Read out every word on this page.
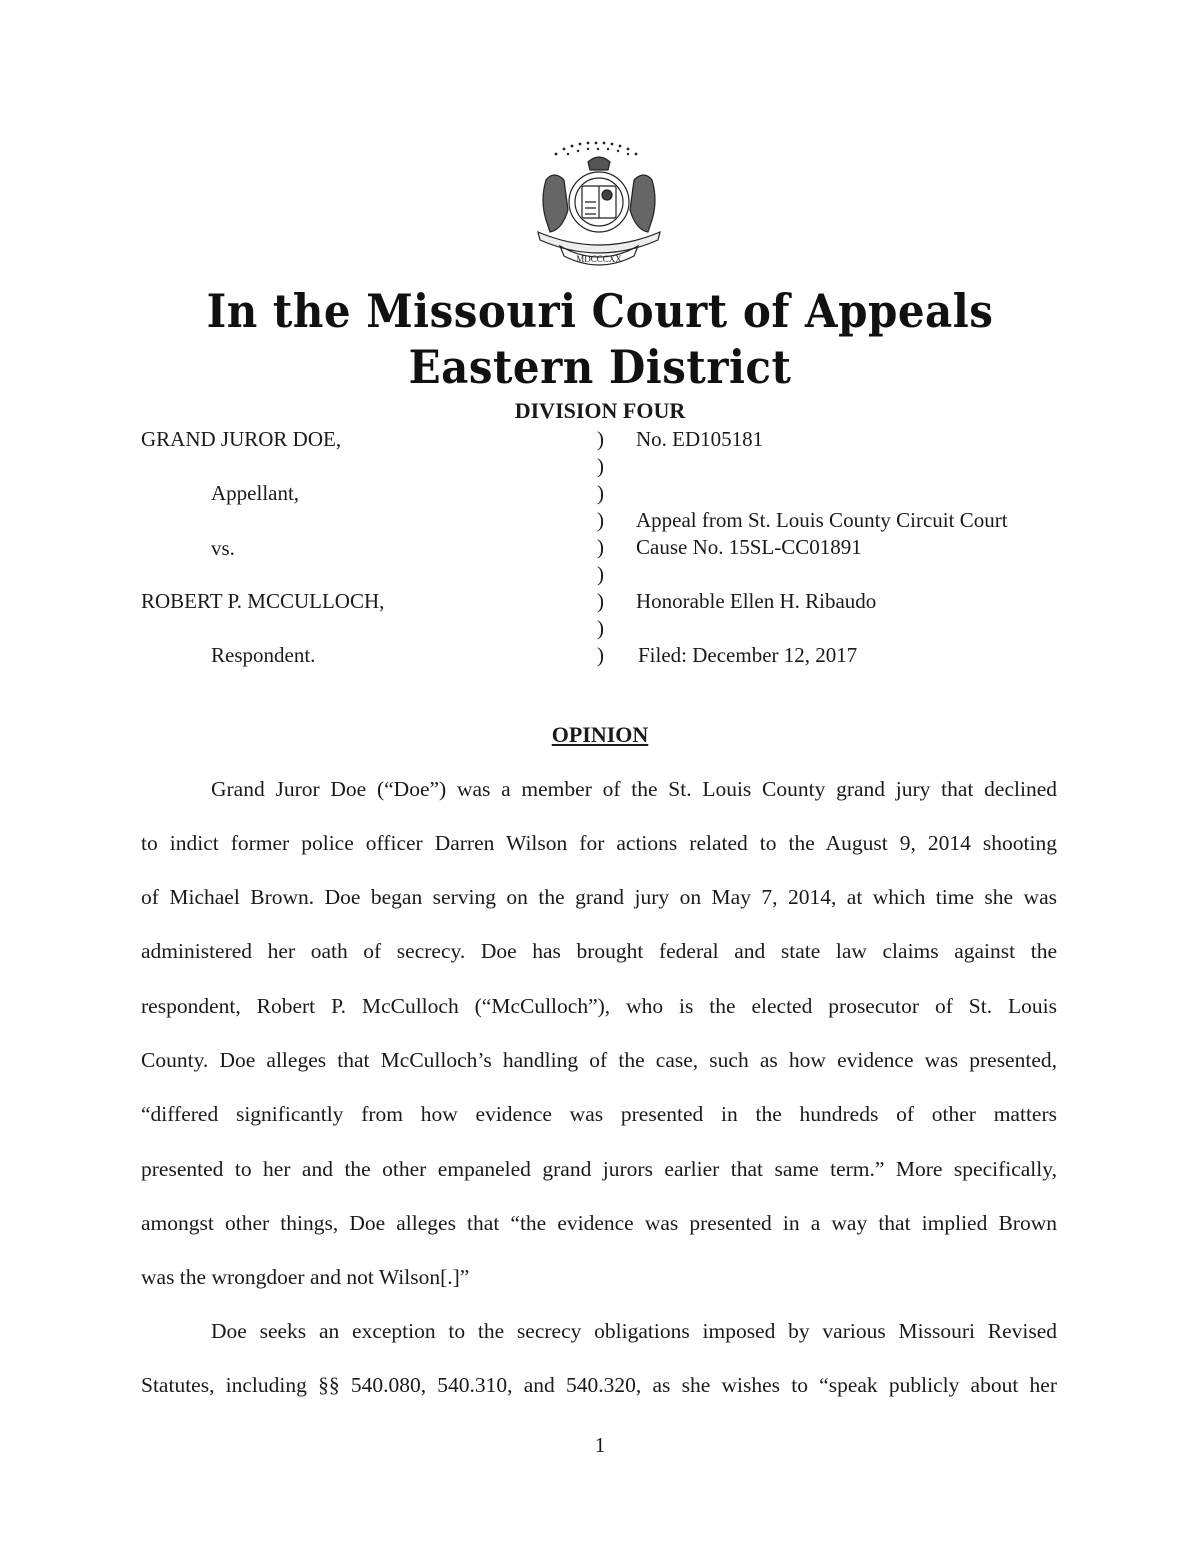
MDCCCXX
In the Missouri Court of Appeals
Eastern District
DIVISION FOUR
GRAND JUROR DOE,
Appellant,
vs.
ROBERT P. MCCULLOCH,
Respondent.
)
)
)
)
)
)
)
)
)
No. ED105181
Appeal from St. Louis County Circuit Court
Cause No. 15SL-CC01891
Honorable Ellen H. Ribaudo
Filed: December 12, 2017
OPINION
Grand Juror Doe (“Doe”) was a member of the St. Louis County grand jury that declined
to indict former police officer Darren Wilson for actions related to the August 9, 2014 shooting
of Michael Brown. Doe began serving on the grand jury on May 7, 2014, at which time she was
administered her oath of secrecy. Doe has brought federal and state law claims against the
respondent, Robert P. McCulloch (“McCulloch”), who is the elected prosecutor of St. Louis
County. Doe alleges that McCulloch’s handling of the case, such as how evidence was presented,
“differed significantly from how evidence was presented in the hundreds of other matters
presented to her and the other empaneled grand jurors earlier that same term.” More specifically,
amongst other things, Doe alleges that “the evidence was presented in a way that implied Brown
was the wrongdoer and not Wilson[.]”
Doe seeks an exception to the secrecy obligations imposed by various Missouri Revised
Statutes, including §§ 540.080, 540.310, and 540.320, as she wishes to “speak publicly about her
1
